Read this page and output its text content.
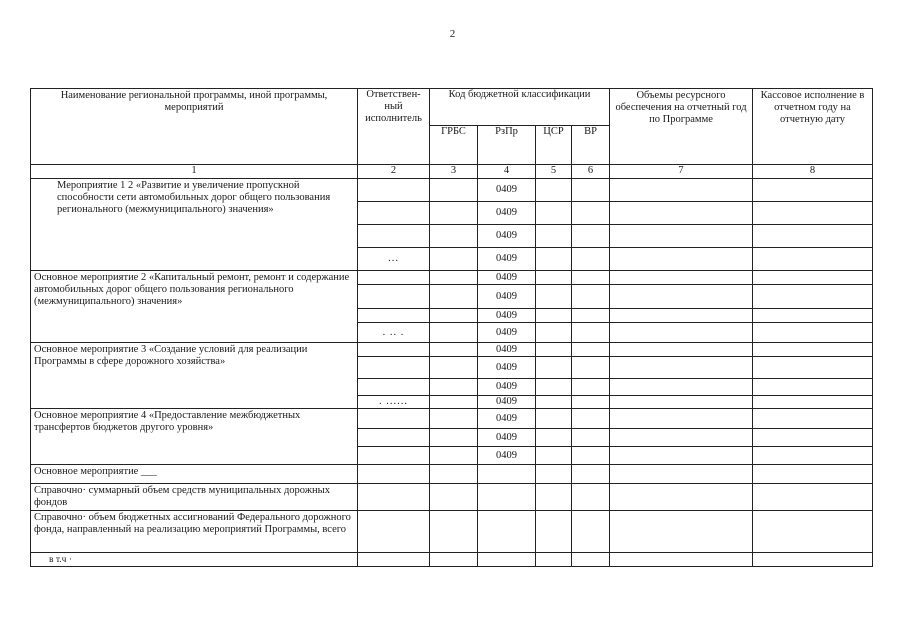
2
Наименование региональной программы, иной программы, мероприятий	Ответствен-ный исполнитель	Код бюджетной классификации				Объемы ресурсного обеспечения на отчетный год по Программе	Кассовое исполнение в отчетном году на отчетную дату
		ГРБС	РзПр	ЦСР	ВР		
1	2	3	4	5	6	7	8
Мероприятие 1 2 «Развитие и увеличение пропускной способности сети автомобильных дорог общего пользования регионального (межмуниципального) значения»			0409				
			0409				
			0409				
	...		0409				
Основное мероприятие 2 «Капитальный ремонт, ремонт и содержание автомобильных дорог общего пользования регионального (межмуниципального) значения»			0409				
			0409				
			0409				
	. .. .		0409				
Основное мероприятие 3 «Создание условий для реализации Программы в сфере дорожного хозяйства»			0409				
			0409				
			0409				
	. ......		0409				
Основное мероприятие 4 «Предоставление межбюджетных трансфертов бюджетов другого уровня»			0409				
			0409				
			0409				
Основное мероприятие ___							
Справочно· суммарный объем средств муниципальных дорожных фондов							
Справочно· объем бюджетных ассигнований Федерального дорожного фонда, направленный на реализацию мероприятий Программы, всего							
в т.ч ·							
